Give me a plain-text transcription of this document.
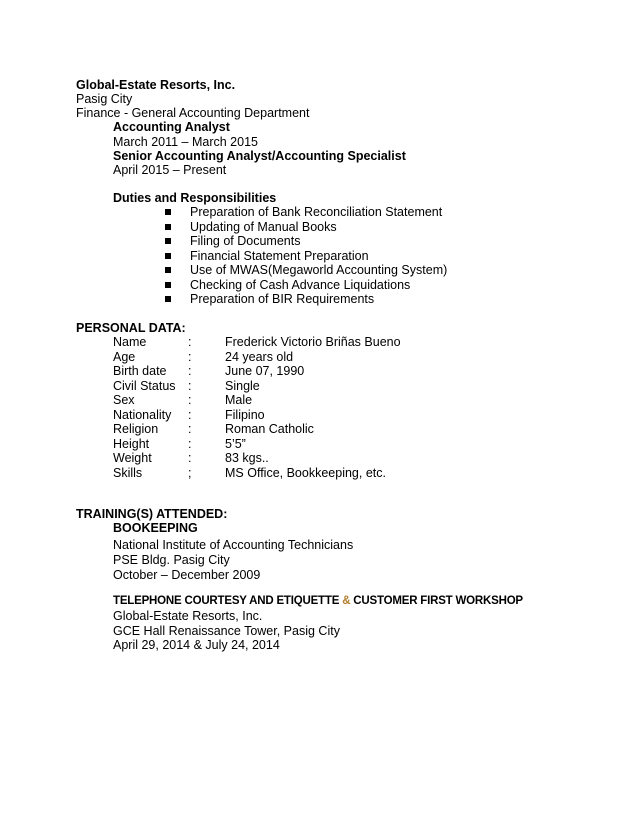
Global-Estate Resorts, Inc.
Pasig City
Finance - General Accounting Department
Accounting Analyst
March 2011 – March 2015
Senior Accounting Analyst/Accounting Specialist
April 2015 – Present
Duties and Responsibilities
Preparation of Bank Reconciliation Statement
Updating of Manual Books
Filing of Documents
Financial Statement Preparation
Use of MWAS(Megaworld Accounting System)
Checking of Cash Advance Liquidations
Preparation of BIR Requirements
PERSONAL DATA:
Name	:	Frederick Victorio Briñas Bueno
Age	:	24 years old
Birth date :	June 07, 1990
Civil Status :	Single
Sex	:	Male
Nationality :	Filipino
Religion :	Roman Catholic
Height	:	5’5”
Weight	:	83 kgs..
Skills	;	MS Office, Bookkeeping, etc.
TRAINING(S) ATTENDED:
BOOKEEPING
National Institute of Accounting Technicians
PSE Bldg. Pasig City
October – December 2009
TELEPHONE COURTESY AND ETIQUETTE & CUSTOMER FIRST WORKSHOP
Global-Estate Resorts, Inc.
GCE Hall Renaissance Tower, Pasig City
April 29, 2014 & July 24, 2014
